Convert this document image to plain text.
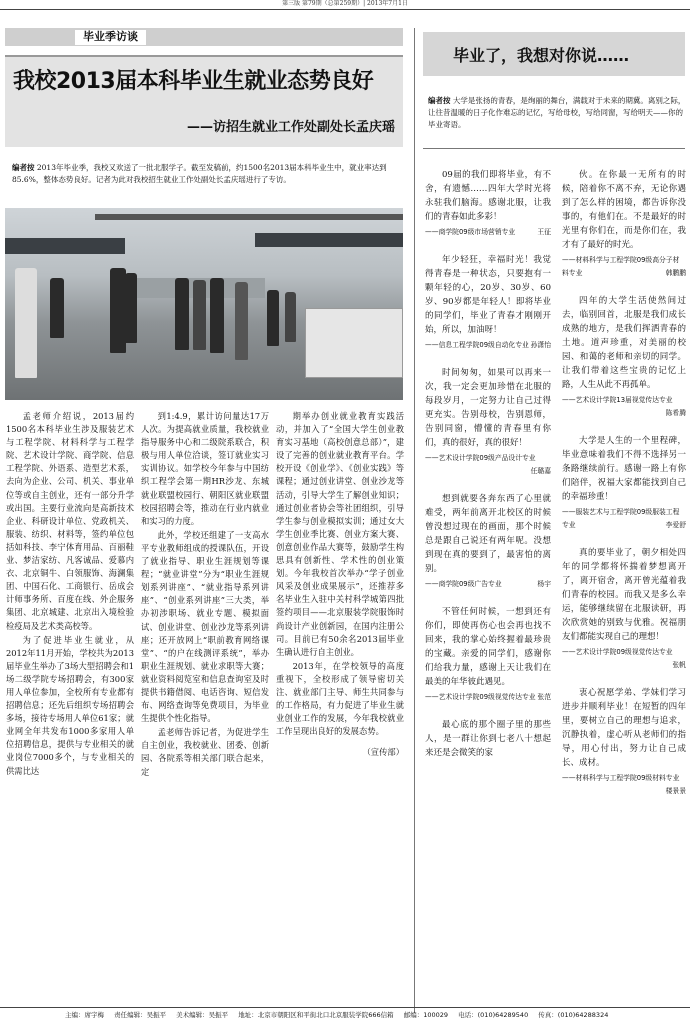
第三版 第79期（总第259期）| 2013年7月1日
毕业季访谈
我校2013届本科毕业生就业态势良好
——访招生就业工作处副处长孟庆瑶
编者按 2013年毕业季，我校又欢送了一批北服学子。截至发稿前，约1500名2013届本科毕业生中，就业率达到85.6%，整体态势良好。记者为此对我校招生就业工作处副处长孟庆瑶进行了专访。

孟老师介绍说，2013届约1500名本科毕业生涉及服装艺术与工程学院、材料科学与工程学院、艺术设计学院、商学院、信息工程学院、外语系、造型艺术系，去向为企业、公司、机关、事业单位等或自主创业，还有一部分升学或出国。主要行业流向是高新技术企业、科研设计单位、党政机关、服装、纺织、材料等，签约单位包括如科技、李宁体育用品、百丽鞋业、梦洁家纺、凡客诚品、爱慕内衣、北京铜牛、白领服饰、海澜集团、中国石化、工商银行、岳成会计师事务所、百度在线、外企服务集团、北京城建、北京出入境检验检疫局及艺术类高校等。

为了促进毕业生就业，从2012年11月开始，学校共为2013届毕业生举办了3场大型招聘会和1场二级学院专场招聘会，有300家用人单位参加，全校所有专业都有招聘信息；还先后组织专场招聘会多场，接待专场用人单位61家；就业网全年共发布1000多家用人单位招聘信息，提供与专业相关的就业岗位7000多个，与专业相关的供需比达

到1:4.9，累计访问量达17万人次。为提高就业质量，我校就业指导服务中心和二级院系联合，积极与用人单位洽谈，签订就业实习实训协议。如学校今年参与中国纺织工程学会第一期HR沙龙、东城就业联盟校园行、朝阳区就业联盟校园招聘会等，推动在行业内就业和实习的力度。

此外，学校还组建了一支高水平专业教师组成的授课队伍，开设了就业指导、职业生涯规划等课程；“就业讲堂”分为“职业生涯规划系列讲座”、“就业指导系列讲座”、“创业系列讲座”三大类，举办初涉职场、就业专题、模拟面试、创业讲堂、创业沙龙等系列讲座；还开放网上“职前教育网络课堂”、“的户在线测评系统”，举办职业生涯规划、就业求职等大赛；就业资料阅览室和信息查询室及时提供书籍借阅、电话咨询、短信发布、网络查询等免费项目，为毕业生提供个性化指导。

孟老师告诉记者，为促进学生自主创业，我校就业、团委、创新园、各院系等相关部门联合起来，定

期举办创业就业教育实践活动，并加入了“全国大学生创业教育实习基地（高校创意总部）”，建设了完善的创业就业教育平台。学校开设《创业学》、《创业实践》等课程；通过创业讲堂、创业沙龙等活动，引导大学生了解创业知识；通过创业者协会等社团组织，引导学生参与创业模拟实训；通过女大学生创业季比赛、创业方案大赛、创意创业作品大赛等，鼓励学生构思具有创新性、学术性的创业策划。今年我校首次举办“学子创业风采及创业成果展示”，还推荐多名毕业生入驻中关村科学城第四批签约项目——北京服装学院服饰时尚设计产业创新园，在国内注册公司。目前已有50余名2013届毕业生确认进行自主创业。

2013年，在学校领导的高度重视下，全校形成了领导密切关注、就业部门主导、师生共同参与的工作格局，有力促进了毕业生就业创业工作的发展，今年我校就业工作呈现出良好的发展态势。

（宣传部）

毕业了，我想对你说……
编者按 大学是张扬的青春，是绚丽的舞台，满载对于未来的期冀。离别之际，让往昔温暖的日子化作难忘的记忆，写给母校，写给同窗，写给明天——你的毕业寄语。

09届的我们即将毕业，有不舍，有遗憾……四年大学时光将永驻我们脑海。感谢北服，让我们的青春如此多彩！

——商学院09级市场营销专业	王征

年少轻狂，幸福时光！我觉得青春是一种状态，只要抱有一颗年轻的心，20岁、30岁、60岁、90岁都是年轻人！即将毕业的同学们，毕业了青春才刚刚开始，所以，加油呀！

——信息工程学院09级自动化专业 孙潇怡

时间匆匆，如果可以再来一次，我一定会更加珍惜在北服的每段岁月，一定努力让自己过得更充实。告别母校，告别恩师，告别同窗，懵懂的青春里有你们，真的很好，真的很好！

——艺术设计学院09级产品设计专业
任璐嘉

想到就要各奔东西了心里就难受，两年前离开北校区的时候曾没想过现在的画面，那个时候总是跟自己说还有两年呢。没想到现在真的要到了，最害怕的离别。

——商学院09级广告专业	杨宇

不管任何时候，一想到还有你们，即使再伤心也会再也找不回来，我的掌心始终握着最珍贵的宝藏。亲爱的同学们，感谢你们给我力量，感谢上天让我们在最美的年华彼此遇见。

——艺术设计学院09级视觉传达专业 张范

最心底的那个圈子里的那些人，是一群让你到七老八十想起来还是会微笑的家

伙。在你最一无所有的时候，陪着你不离不弃，无论你遇到了怎么样的困境，都告诉你没事的，有他们在。不是最好的时光里有你们在，而是你们在，我才有了最好的时光。

——材料科学与工程学院09级高分子材料专业	韩鹏鹏

四年的大学生活使然间过去，临别回首，北服是我们成长成熟的地方，是我们挥洒青春的土地。道声珍重，对美丽的校园、和蔼的老师和亲切的同学。让我们带着这些宝贵的记忆上路，人生从此不再孤单。

——艺术设计学院13届视觉传达专业
陈希腾

大学是人生的一个里程碑，毕业意味着我们不得不选择另一条路继续前行。感谢一路上有你们陪伴，祝福大家都能找到自己的幸福珍重！

——服装艺术与工程学院09级服装工程专业	李爱舒

真的要毕业了，朝夕相处四年的同学都将怀揣着梦想离开了，离开宿舍，离开曾光蕴着我们青春的校园。而我又是多么幸运，能够继续留在北服读研，再次欣赏她的别致与优雅。祝福朋友们都能实现自己的理想！

——艺术设计学院09级视觉传达专业
张帆

衷心祝愿学弟、学妹们学习进步并顺利毕业！在短暂的四年里，要树立自己的理想与追求，沉静执着，虚心听从老师们的指导，用心付出，努力让自己成长、成材。

——材料科学与工程学院09级材料专业
楼景景
主编：席宇梅 责任编辑：吴振平 美术编辑：吴振平 地址：北京市朝阳区和平街北口北京服装学院666信箱 邮编：100029 电话：(010)64289540 传真：(010)64288324
